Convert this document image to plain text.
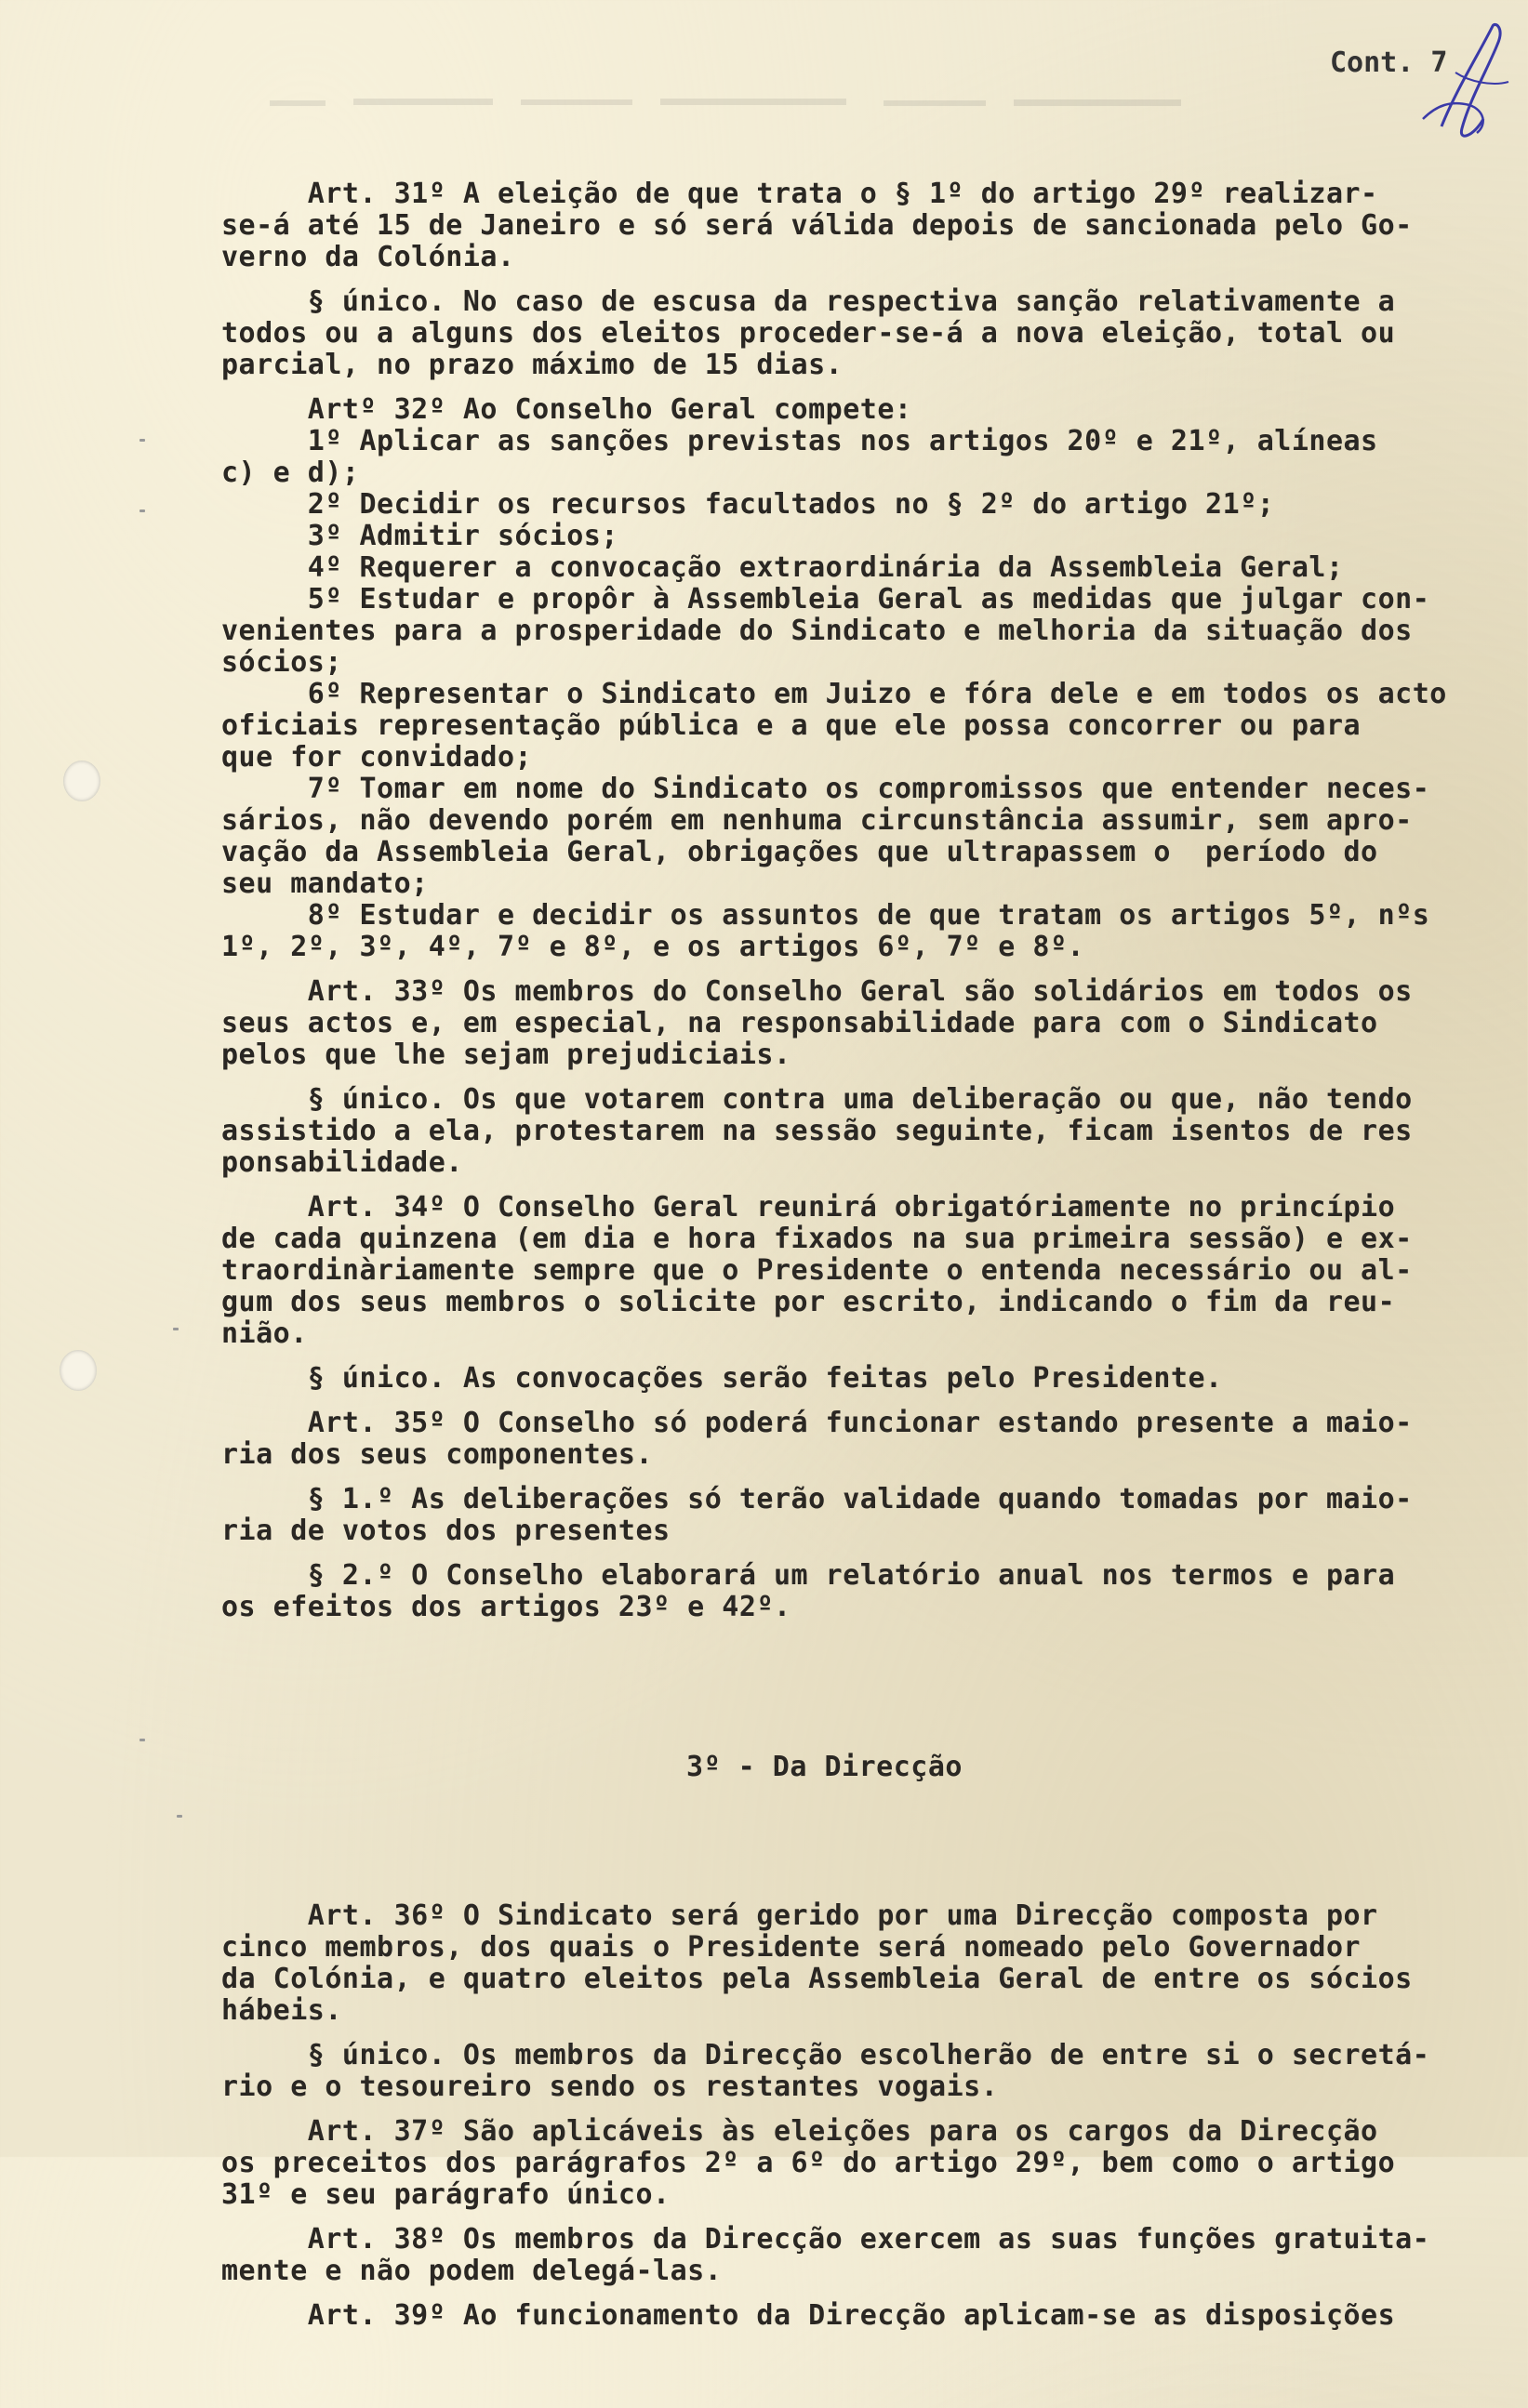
Cont. 7

Art. 31º A eleição de que trata o § 1º do artigo 29º realizar-
se-á até 15 de Janeiro e só será válida depois de sancionada pelo Go-
verno da Colónia.
§ único. No caso de escusa da respectiva sanção relativamente a
todos ou a alguns dos eleitos proceder-se-á a nova eleição, total ou
parcial, no prazo máximo de 15 dias.
Artº 32º Ao Conselho Geral compete:
1º Aplicar as sanções previstas nos artigos 20º e 21º, alíneas
c) e d);
2º Decidir os recursos facultados no § 2º do artigo 21º;
3º Admitir sócios;
4º Requerer a convocação extraordinária da Assembleia Geral;
5º Estudar e propôr à Assembleia Geral as medidas que julgar con-
venientes para a prosperidade do Sindicato e melhoria da situação dos
sócios;
6º Representar o Sindicato em Juizo e fóra dele e em todos os acto
oficiais representação pública e a que ele possa concorrer ou para
que for convidado;
7º Tomar em nome do Sindicato os compromissos que entender neces-
sários, não devendo porém em nenhuma circunstância assumir, sem apro-
vação da Assembleia Geral, obrigações que ultrapassem o  período do
seu mandato;
8º Estudar e decidir os assuntos de que tratam os artigos 5º, nºs
1º, 2º, 3º, 4º, 7º e 8º, e os artigos 6º, 7º e 8º.
Art. 33º Os membros do Conselho Geral são solidários em todos os
seus actos e, em especial, na responsabilidade para com o Sindicato
pelos que lhe sejam prejudiciais.
§ único. Os que votarem contra uma deliberação ou que, não tendo
assistido a ela, protestarem na sessão seguinte, ficam isentos de res
ponsabilidade.
Art. 34º O Conselho Geral reunirá obrigatóriamente no princípio
de cada quinzena (em dia e hora fixados na sua primeira sessão) e ex-
traordinàriamente sempre que o Presidente o entenda necessário ou al-
gum dos seus membros o solicite por escrito, indicando o fim da reu-
nião.
§ único. As convocações serão feitas pelo Presidente.
Art. 35º O Conselho só poderá funcionar estando presente a maio-
ria dos seus componentes.
§ 1.º As deliberações só terão validade quando tomadas por maio-
ria de votos dos presentes
§ 2.º O Conselho elaborará um relatório anual nos termos e para
os efeitos dos artigos 23º e 42º.

3º - Da Direcção

Art. 36º O Sindicato será gerido por uma Direcção composta por
cinco membros, dos quais o Presidente será nomeado pelo Governador
da Colónia, e quatro eleitos pela Assembleia Geral de entre os sócios
hábeis.
§ único. Os membros da Direcção escolherão de entre si o secretá-
rio e o tesoureiro sendo os restantes vogais.
Art. 37º São aplicáveis às eleições para os cargos da Direcção
os preceitos dos parágrafos 2º a 6º do artigo 29º, bem como o artigo
31º e seu parágrafo único.
Art. 38º Os membros da Direcção exercem as suas funções gratuita-
mente e não podem delegá-las.
Art. 39º Ao funcionamento da Direcção aplicam-se as disposições
